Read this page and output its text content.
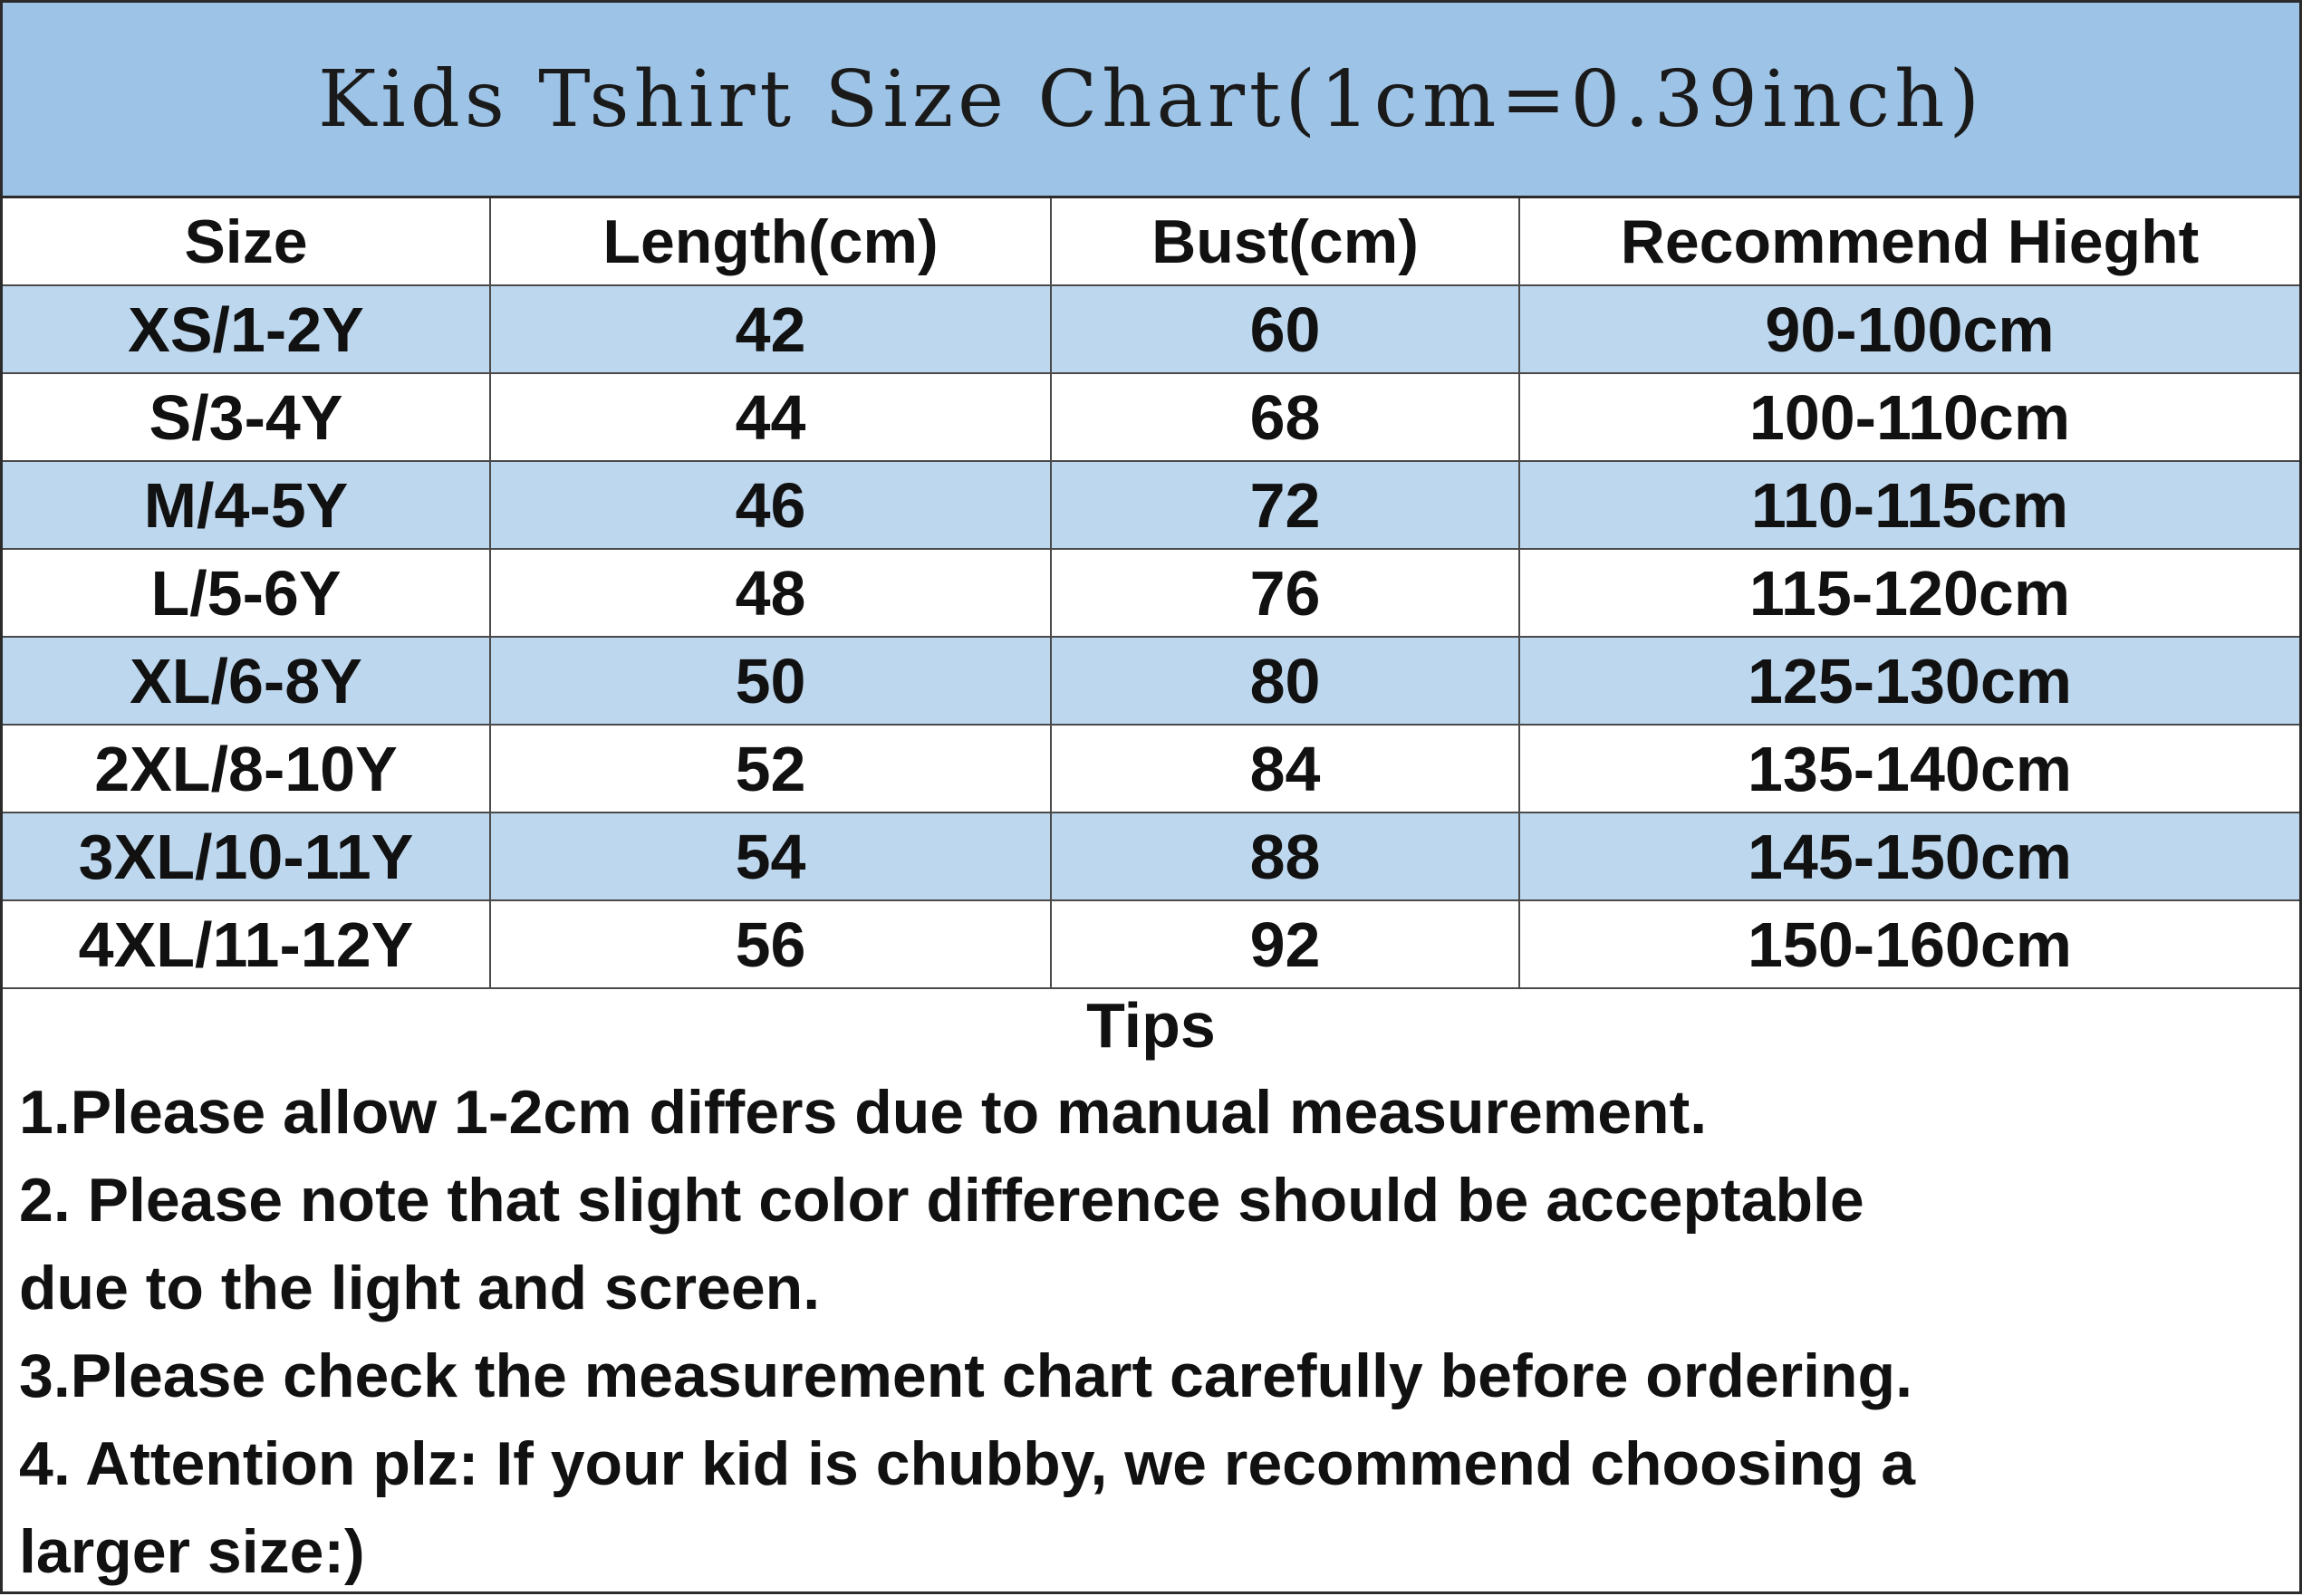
Kids Tshirt Size Chart(1cm=0.39inch)
Size	Length(cm)	Bust(cm)	Recommend Hieght
XS/1-2Y	42	60	90-100cm
S/3-4Y	44	68	100-110cm
M/4-5Y	46	72	110-115cm
L/5-6Y	48	76	115-120cm
XL/6-8Y	50	80	125-130cm
2XL/8-10Y	52	84	135-140cm
3XL/10-11Y	54	88	145-150cm
4XL/11-12Y	56	92	150-160cm
Tips
1.Please allow 1-2cm differs due to manual measurement.
2. Please note that slight color difference should be acceptable
due to the light and screen.
3.Please check the measurement chart carefully before ordering.
4. Attention plz: If your kid is chubby, we recommend choosing a
larger size:)
